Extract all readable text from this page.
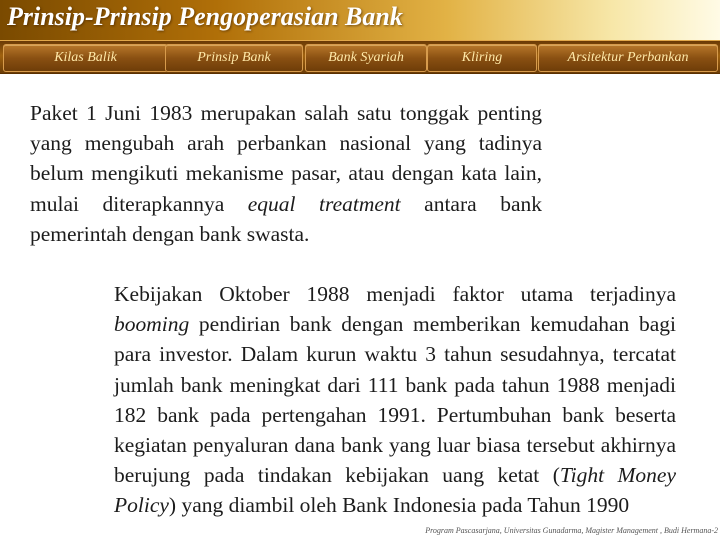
Prinsip-Prinsip Pengoperasian Bank
Kilas Balik	Prinsip Bank	Bank Syariah	Kliring	Arsitektur Perbankan
Paket 1 Juni 1983 merupakan salah satu tonggak penting yang mengubah arah perbankan nasional yang tadinya belum mengikuti mekanisme pasar, atau dengan kata lain, mulai diterapkannya equal treatment antara bank pemerintah dengan bank swasta.
Kebijakan Oktober 1988 menjadi faktor utama terjadinya booming pendirian bank dengan memberikan kemudahan bagi para investor. Dalam kurun waktu 3 tahun sesudahnya, tercatat jumlah bank meningkat dari 111 bank pada tahun 1988 menjadi 182 bank pada pertengahan 1991. Pertumbuhan bank beserta kegiatan penyaluran dana bank yang luar biasa tersebut akhirnya berujung pada tindakan kebijakan uang ketat (Tight Money Policy) yang diambil oleh Bank Indonesia pada Tahun 1990
Program Pascasarjana, Universitas Gunadarma, Magister Management , Budi Hermana-2
